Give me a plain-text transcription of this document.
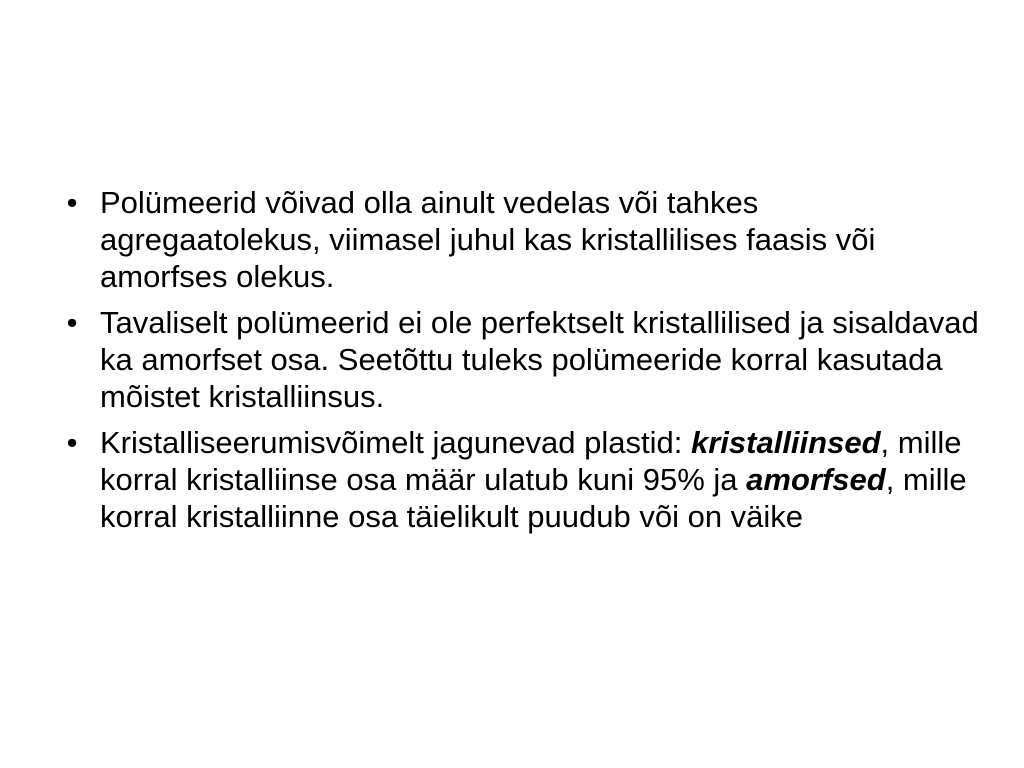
• Polümeerid võivad olla ainult vedelas või tahkes agregaatolekus, viimasel juhul kas kristallilises faasis või amorfses olekus.
• Tavaliselt polümeerid ei ole perfektselt kristallilised ja sisaldavad ka amorfset osa. Seetõttu tuleks polümeeride korral kasutada mõistet kristalliinsus.
• Kristalliseerumisvõimelt jagunevad plastid: kristalliinsed, mille korral kristalliinse osa määr ulatub kuni 95% ja amorfsed, mille korral kristalliinne osa täielikult puudub või on väike
